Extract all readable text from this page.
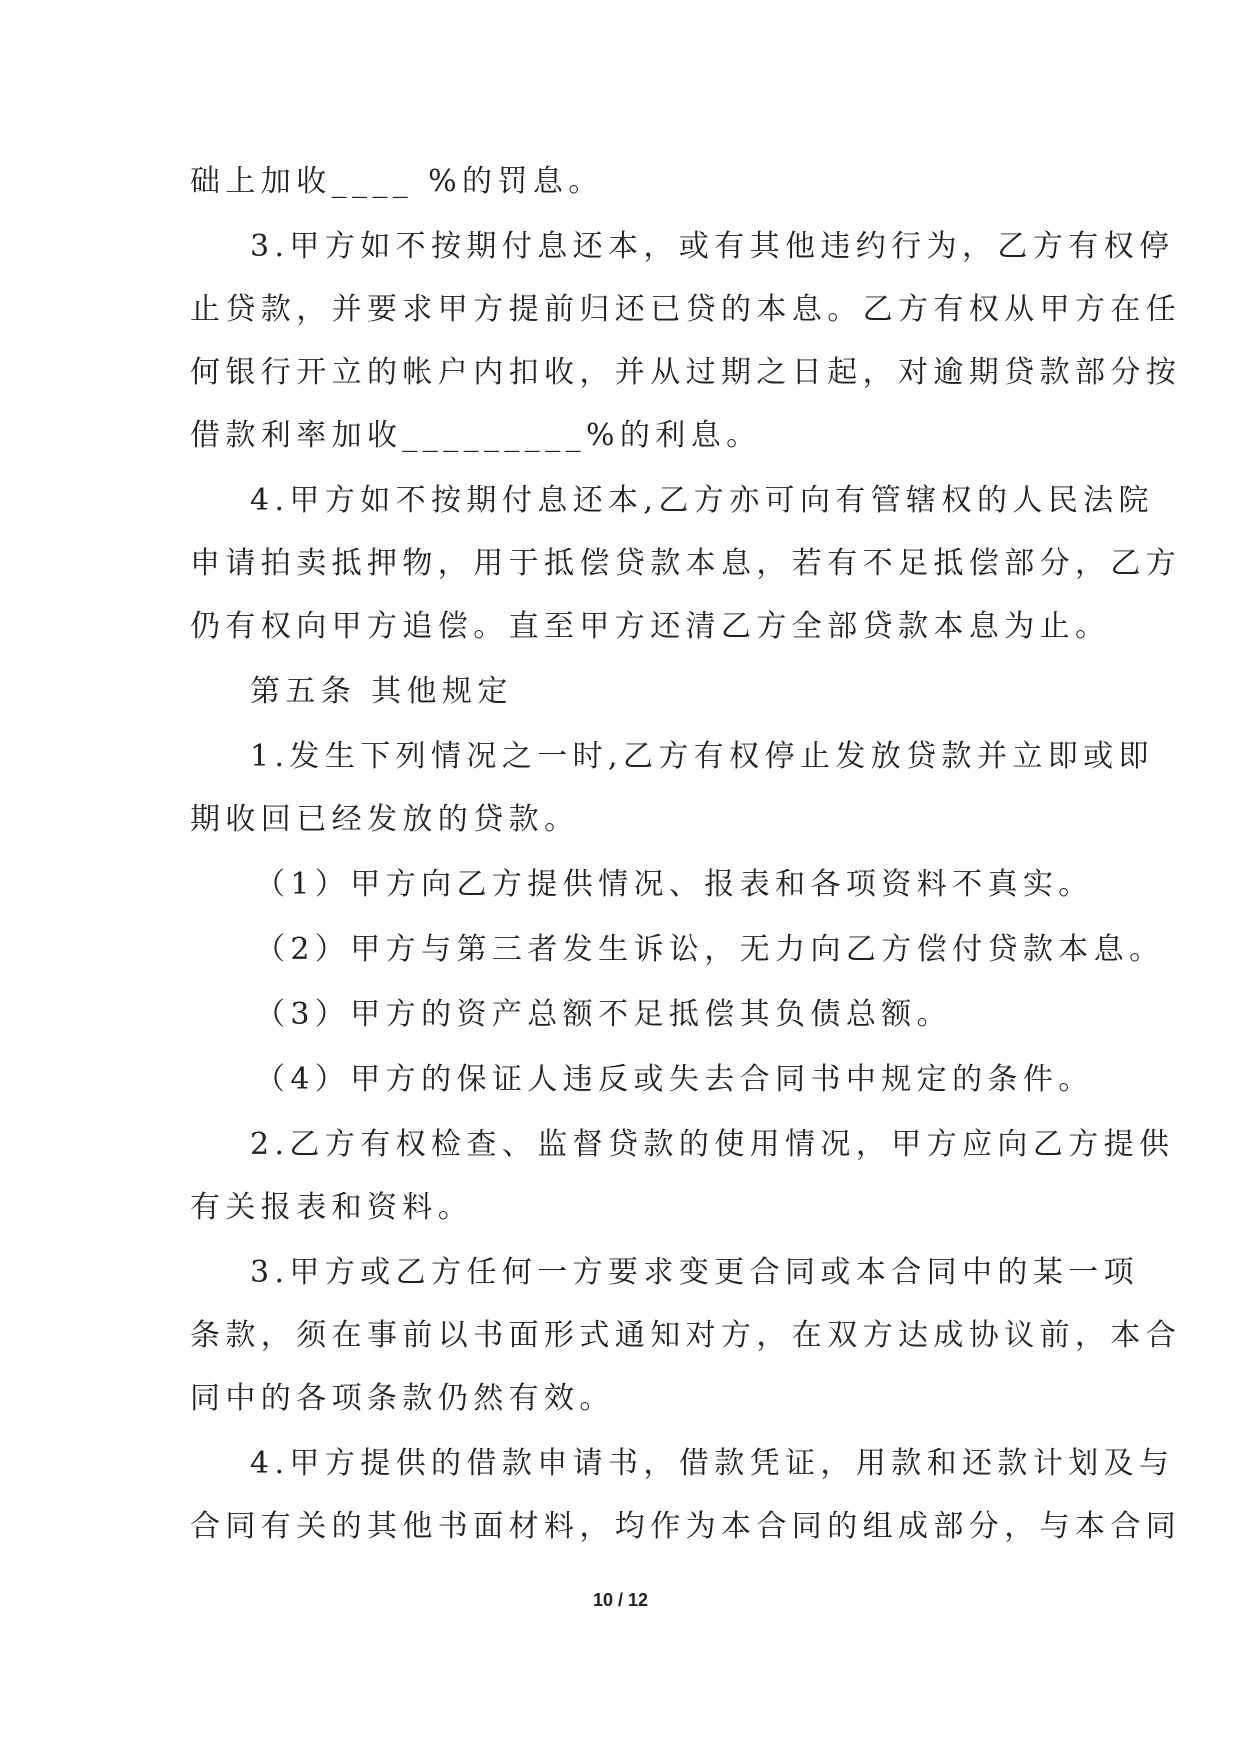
础上加收____ %的罚息。
3.甲方如不按期付息还本，或有其他违约行为，乙方有权停
止贷款，并要求甲方提前归还已贷的本息。乙方有权从甲方在任
何银行开立的帐户内扣收，并从过期之日起，对逾期贷款部分按
借款利率加收_________%的利息。
4.甲方如不按期付息还本,乙方亦可向有管辖权的人民法院
申请拍卖抵押物，用于抵偿贷款本息，若有不足抵偿部分，乙方
仍有权向甲方追偿。直至甲方还清乙方全部贷款本息为止。
第五条 其他规定
1.发生下列情况之一时,乙方有权停止发放贷款并立即或即
期收回已经发放的贷款。
（1）甲方向乙方提供情况、报表和各项资料不真实。
（2）甲方与第三者发生诉讼，无力向乙方偿付贷款本息。
（3）甲方的资产总额不足抵偿其负债总额。
（4）甲方的保证人违反或失去合同书中规定的条件。
2.乙方有权检查、监督贷款的使用情况，甲方应向乙方提供
有关报表和资料。
3.甲方或乙方任何一方要求变更合同或本合同中的某一项
条款，须在事前以书面形式通知对方，在双方达成协议前，本合
同中的各项条款仍然有效。
4.甲方提供的借款申请书，借款凭证，用款和还款计划及与
合同有关的其他书面材料，均作为本合同的组成部分，与本合同
10 / 12
